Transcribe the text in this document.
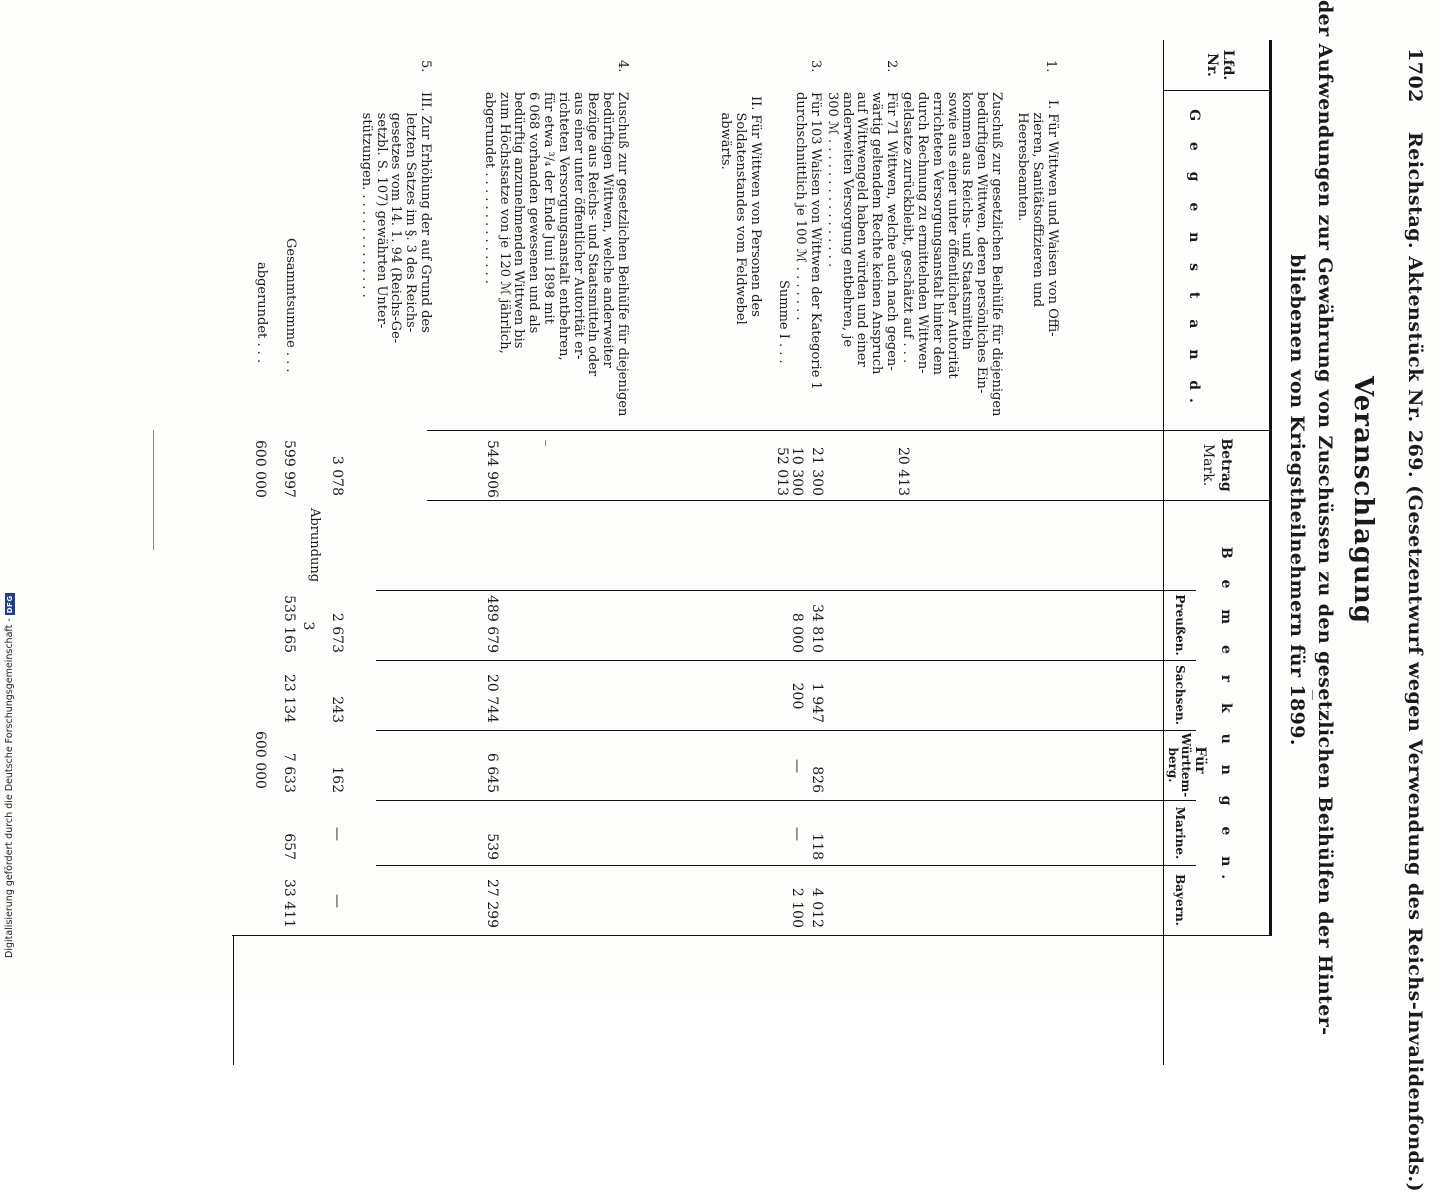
1702
Reichstag. Aktenstück Nr. 269. (Gesetzentwurf wegen Verwendung des Reichs-Invalidenfonds.)
Veranschlagung
der Aufwendungen zur Gewährung von Zuschüssen zu den gesetzlichen Beihülfen der Hinter-
bliebenen von Kriegstheilnehmern für 1899.
Lfd.
Nr.
G e g e n s t a n d.
Betrag
Mark.
B e m e r k u n g e n.
Für
Preußen.
Sachsen.
Württem-
berg.
Marine.
Bayern.
I. Für Wittwen und Waisen von Offi-
zieren, Sanitätsoffizieren und
Heeresbeamten.
1.
Zuschuß zur gesetzlichen Beihülfe für diejenigen
bedürftigen Wittwen, deren persönliches Ein-
kommen aus Reichs- und Staatsmitteln
sowie aus einer unter öffentlicher Autorität
errichteten Versorgungsanstalt hinter dem
durch Rechnung zu ermittelnden Wittwen-
geldsatze zurückbleibt, geschätzt auf . . .
20 413
2.
Für 71 Wittwen, welche auch nach gegen-
wärtig geltendem Rechte keinen Anspruch
auf Wittwengeld haben würden und einer
anderweiten Versorgung entbehren, je
300 ℳ . . . . . . . . . . . . . . . .
21 300
34 810
1 947
826
118
4 012
3.
Für 103 Waisen von Wittwen der Kategorie 1
durchschnittlich je 100 ℳ . . . . . . .
10 300
8 000
200
—
—
2 100
Summe I . . .
52 013
II. Für Wittwen von Personen des
Soldatenstandes vom Feldwebel
abwärts.
4.
Zuschuß zur gesetzlichen Beihülfe für diejenigen
bedürftigen Wittwen, welche anderweiter
Bezüge aus Reichs- und Staatsmitteln oder
aus einer unter öffentlicher Autorität er-
richteten Versorgungsanstalt entbehren,
für etwa ³/₄ der Ende Juni 1898 mit
6 068 vorhanden gewesenen und als
bedürftig anzunehmenden Wittwen bis
zum Höchstsatze von je 120 ℳ jährlich,
abgerundet . . . . . . . . . . . . . .
544 906
489 679
20 744
6 645
539
27 299
5.
III. Zur Erhöhung der auf Grund des
letzten Satzes im §. 3 des Reichs-
gesetzes vom 14. 1. 94 (Reichs-Ge-
setzbl. S. 107) gewährten Unter-
stützungen. . . . . . . . . . . . . .
3 078
2 673
243
162
—
—
Abrundung
3
Gesammtsumme . . .
599 997
535 165
23 134
7 633
657
33 411
abgerundet . . .
600 000
600 000
Digitalisierung gefördert durch die Deutsche Forschungsgemeinschaft -
DFG
